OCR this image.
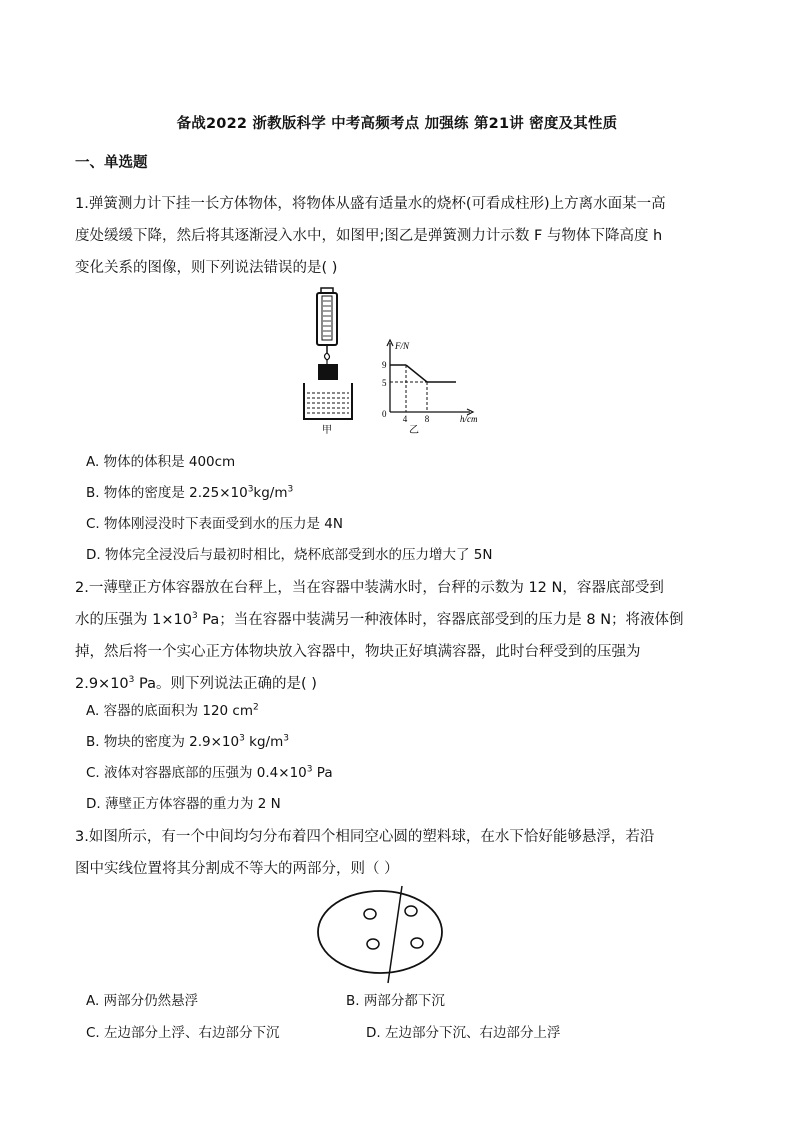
备战2022 浙教版科学 中考高频考点 加强练 第21讲 密度及其性质
一、单选题
1.弹簧测力计下挂一长方体物体，将物体从盛有适量水的烧杯(可看成柱形)上方离水面某一高
度处缓缓下降，然后将其逐渐浸入水中，如图甲;图乙是弹簧测力计示数 F 与物体下降高度 h
变化关系的图像，则下列说法错误的是( )
甲
F/N
h/cm
0
9
5
4 8
乙
A. 物体的体积是 400cm
B. 物体的密度是 $2.25\times 10^3kg/m^3$
C. 物体刚浸没时下表面受到水的压力是 4N
D. 物体完全浸没后与最初时相比，烧杯底部受到水的压力增大了 5N
2.一薄壁正方体容器放在台秤上，当在容器中装满水时，台秤的示数为 12 N，容器底部受到
水的压强为 $1\times 10^3$ Pa；当在容器中装满另一种液体时，容器底部受到的压力是 8 N；将液体倒
掉，然后将一个实心正方体物块放入容器中，物块正好填满容器，此时台秤受到的压强为
$2.9\times 10^3$ Pa。则下列说法正确的是( )
A. 容器的底面积为 120 $cm^2$
B. 物块的密度为 $2.9\times 10^3$ $kg/m^3$
C. 液体对容器底部的压强为 $0.4\times 10^3$ Pa
D. 薄壁正方体容器的重力为 2 N
3.如图所示，有一个中间均匀分布着四个相同空心圆的塑料球，在水下恰好能够悬浮，若沿
图中实线位置将其分割成不等大的两部分，则（ ）
A. 两部分仍然悬浮	B. 两部分都下沉
C. 左边部分上浮、右边部分下沉	D. 左边部分下沉、右边部分上浮
